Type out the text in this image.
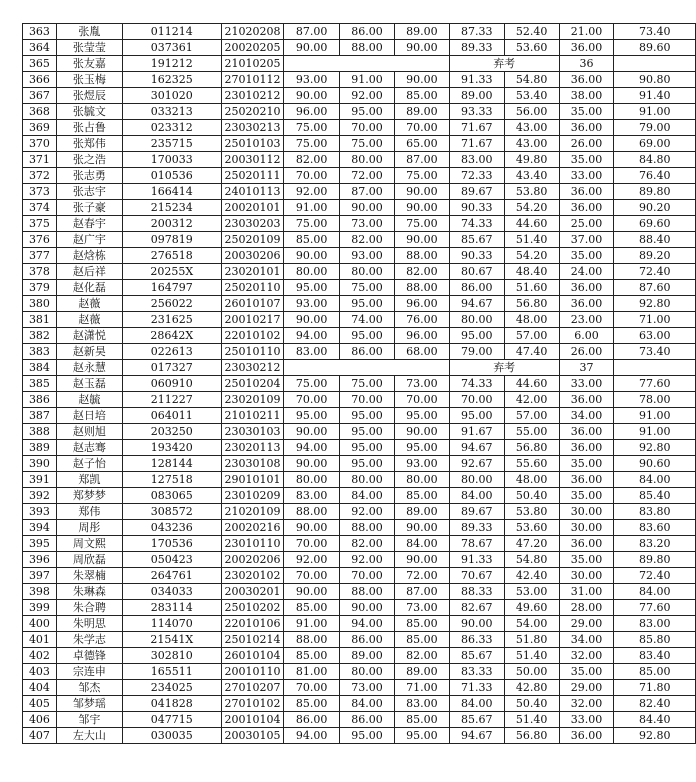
363	张胤	011214	21020208	87.00	86.00	89.00	87.33	52.40	21.00	73.40
364	张莹莹	037361	20020205	90.00	88.00	90.00	89.33	53.60	36.00	89.60
365	张友嘉	191212	21010205				弃考		36	
366	张玉梅	162325	27010112	93.00	91.00	90.00	91.33	54.80	36.00	90.80
367	张煜辰	301020	23010212	90.00	92.00	85.00	89.00	53.40	38.00	91.40
368	张毓文	033213	25020210	96.00	95.00	89.00	93.33	56.00	35.00	91.00
369	张占鲁	023312	23030213	75.00	70.00	70.00	71.67	43.00	36.00	79.00
370	张郑伟	235715	25010103	75.00	75.00	65.00	71.67	43.00	26.00	69.00
371	张之浩	170033	20030112	82.00	80.00	87.00	83.00	49.80	35.00	84.80
372	张志勇	010536	25020111	70.00	72.00	75.00	72.33	43.40	33.00	76.40
373	张志宇	166414	24010113	92.00	87.00	90.00	89.67	53.80	36.00	89.80
374	张子豪	215234	20020101	91.00	90.00	90.00	90.33	54.20	36.00	90.20
375	赵春宇	200312	23030203	75.00	73.00	75.00	74.33	44.60	25.00	69.60
376	赵广宇	097819	25020109	85.00	82.00	90.00	85.67	51.40	37.00	88.40
377	赵焓栋	276518	20030206	90.00	93.00	88.00	90.33	54.20	35.00	89.20
378	赵后祥	20255X	23020101	80.00	80.00	82.00	80.67	48.40	24.00	72.40
379	赵化磊	164797	25020110	95.00	75.00	88.00	86.00	51.60	36.00	87.60
380	赵薇	256022	26010107	93.00	95.00	96.00	94.67	56.80	36.00	92.80
381	赵薇	231625	20010217	90.00	74.00	76.00	80.00	48.00	23.00	71.00
382	赵潇悦	28642X	22010102	94.00	95.00	96.00	95.00	57.00	6.00	63.00
383	赵新昊	022613	25010110	83.00	86.00	68.00	79.00	47.40	26.00	73.40
384	赵永慧	017327	23030212				弃考		37	
385	赵玉磊	060910	25010204	75.00	75.00	73.00	74.33	44.60	33.00	77.60
386	赵毓	211227	23020109	70.00	70.00	70.00	70.00	42.00	36.00	78.00
387	赵日培	064011	21010211	95.00	95.00	95.00	95.00	57.00	34.00	91.00
388	赵则旭	203250	23030103	90.00	95.00	90.00	91.67	55.00	36.00	91.00
389	赵志骞	193420	23020113	94.00	95.00	95.00	94.67	56.80	36.00	92.80
390	赵子怡	128144	23030108	90.00	95.00	93.00	92.67	55.60	35.00	90.60
391	郑凯	127518	29010101	80.00	80.00	80.00	80.00	48.00	36.00	84.00
392	郑梦梦	083065	23010209	83.00	84.00	85.00	84.00	50.40	35.00	85.40
393	郑伟	308572	21020109	88.00	92.00	89.00	89.67	53.80	30.00	83.80
394	周彤	043236	20020216	90.00	88.00	90.00	89.33	53.60	30.00	83.60
395	周文熙	170536	23010110	70.00	82.00	84.00	78.67	47.20	36.00	83.20
396	周欣磊	050423	20020206	92.00	92.00	90.00	91.33	54.80	35.00	89.80
397	朱翠楠	264761	23020102	70.00	70.00	72.00	70.67	42.40	30.00	72.40
398	朱琳森	034033	20030201	90.00	88.00	87.00	88.33	53.00	31.00	84.00
399	朱合聘	283114	25010202	85.00	90.00	73.00	82.67	49.60	28.00	77.60
400	朱明思	114070	22010106	91.00	94.00	85.00	90.00	54.00	29.00	83.00
401	朱学志	21541X	25010214	88.00	86.00	85.00	86.33	51.80	34.00	85.80
402	卓德锋	302810	26010104	85.00	89.00	82.00	85.67	51.40	32.00	83.40
403	宗连申	165511	20010110	81.00	80.00	89.00	83.33	50.00	35.00	85.00
404	邹杰	234025	27010207	70.00	73.00	71.00	71.33	42.80	29.00	71.80
405	邹梦瑶	041828	27010102	85.00	84.00	83.00	84.00	50.40	32.00	82.40
406	邹宇	047715	20010104	86.00	86.00	85.00	85.67	51.40	33.00	84.40
407	左大山	030035	20030105	94.00	95.00	95.00	94.67	56.80	36.00	92.80
